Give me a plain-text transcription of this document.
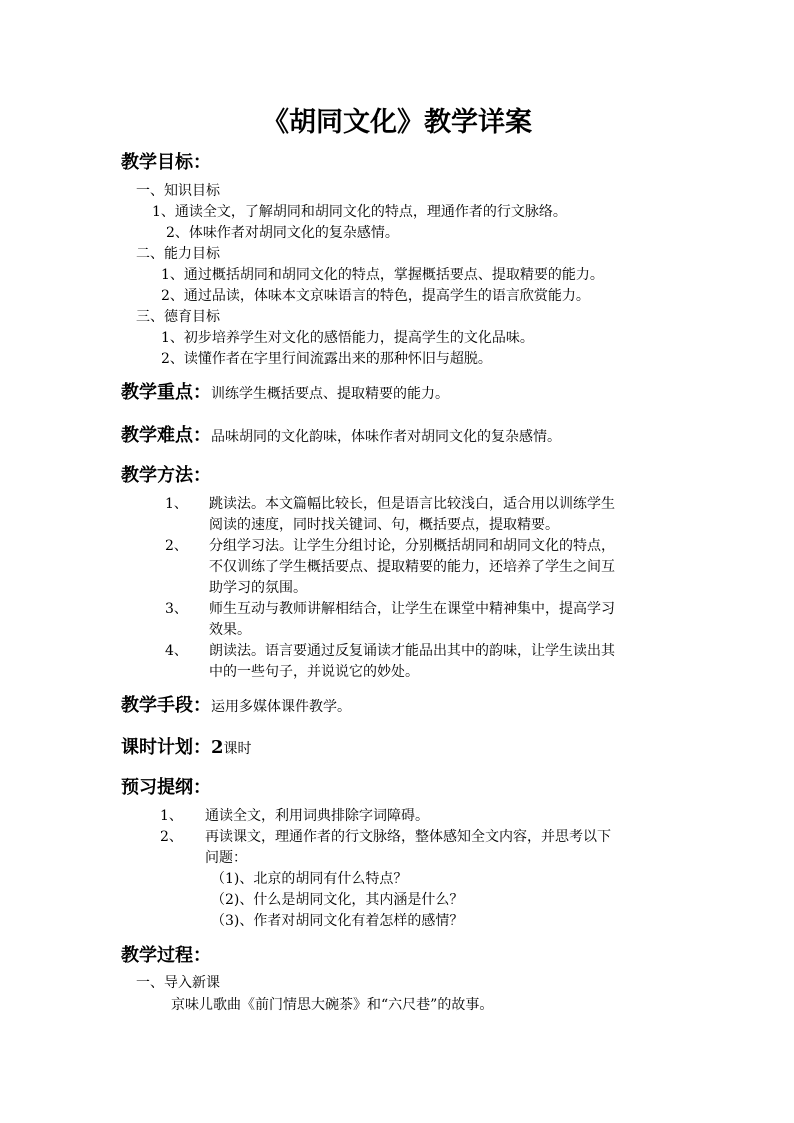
《胡同文化》教学详案
教学目标：
一、知识目标
1、通读全文，了解胡同和胡同文化的特点，理通作者的行文脉络。
2、体味作者对胡同文化的复杂感情。
二、能力目标
1、通过概括胡同和胡同文化的特点，掌握概括要点、提取精要的能力。
2、通过品读，体味本文京味语言的特色，提高学生的语言欣赏能力。
三、德育目标
1、初步培养学生对文化的感悟能力，提高学生的文化品味。
2、读懂作者在字里行间流露出来的那种怀旧与超脱。
教学重点：训练学生概括要点、提取精要的能力。
教学难点：品味胡同的文化韵味，体味作者对胡同文化的复杂感情。
教学方法：
1、 跳读法。本文篇幅比较长，但是语言比较浅白，适合用以训练学生
阅读的速度，同时找关键词、句，概括要点，提取精要。
2、 分组学习法。让学生分组讨论，分别概括胡同和胡同文化的特点，
不仅训练了学生概括要点、提取精要的能力，还培养了学生之间互
助学习的氛围。
3、 师生互动与教师讲解相结合，让学生在课堂中精神集中，提高学习
效果。
4、 朗读法。语言要通过反复诵读才能品出其中的韵味，让学生读出其
中的一些句子，并说说它的妙处。
教学手段：运用多媒体课件教学。
课时计划：2课时
预习提纲：
1、 通读全文，利用词典排除字词障碍。
2、 再读课文，理通作者的行文脉络，整体感知全文内容，并思考以下
问题：
（1)、北京的胡同有什么特点？
（2)、什么是胡同文化，其内涵是什么？
（3)、作者对胡同文化有着怎样的感情？
教学过程：
一、导入新课
京味儿歌曲《前门情思大碗茶》和“六尺巷”的故事。
